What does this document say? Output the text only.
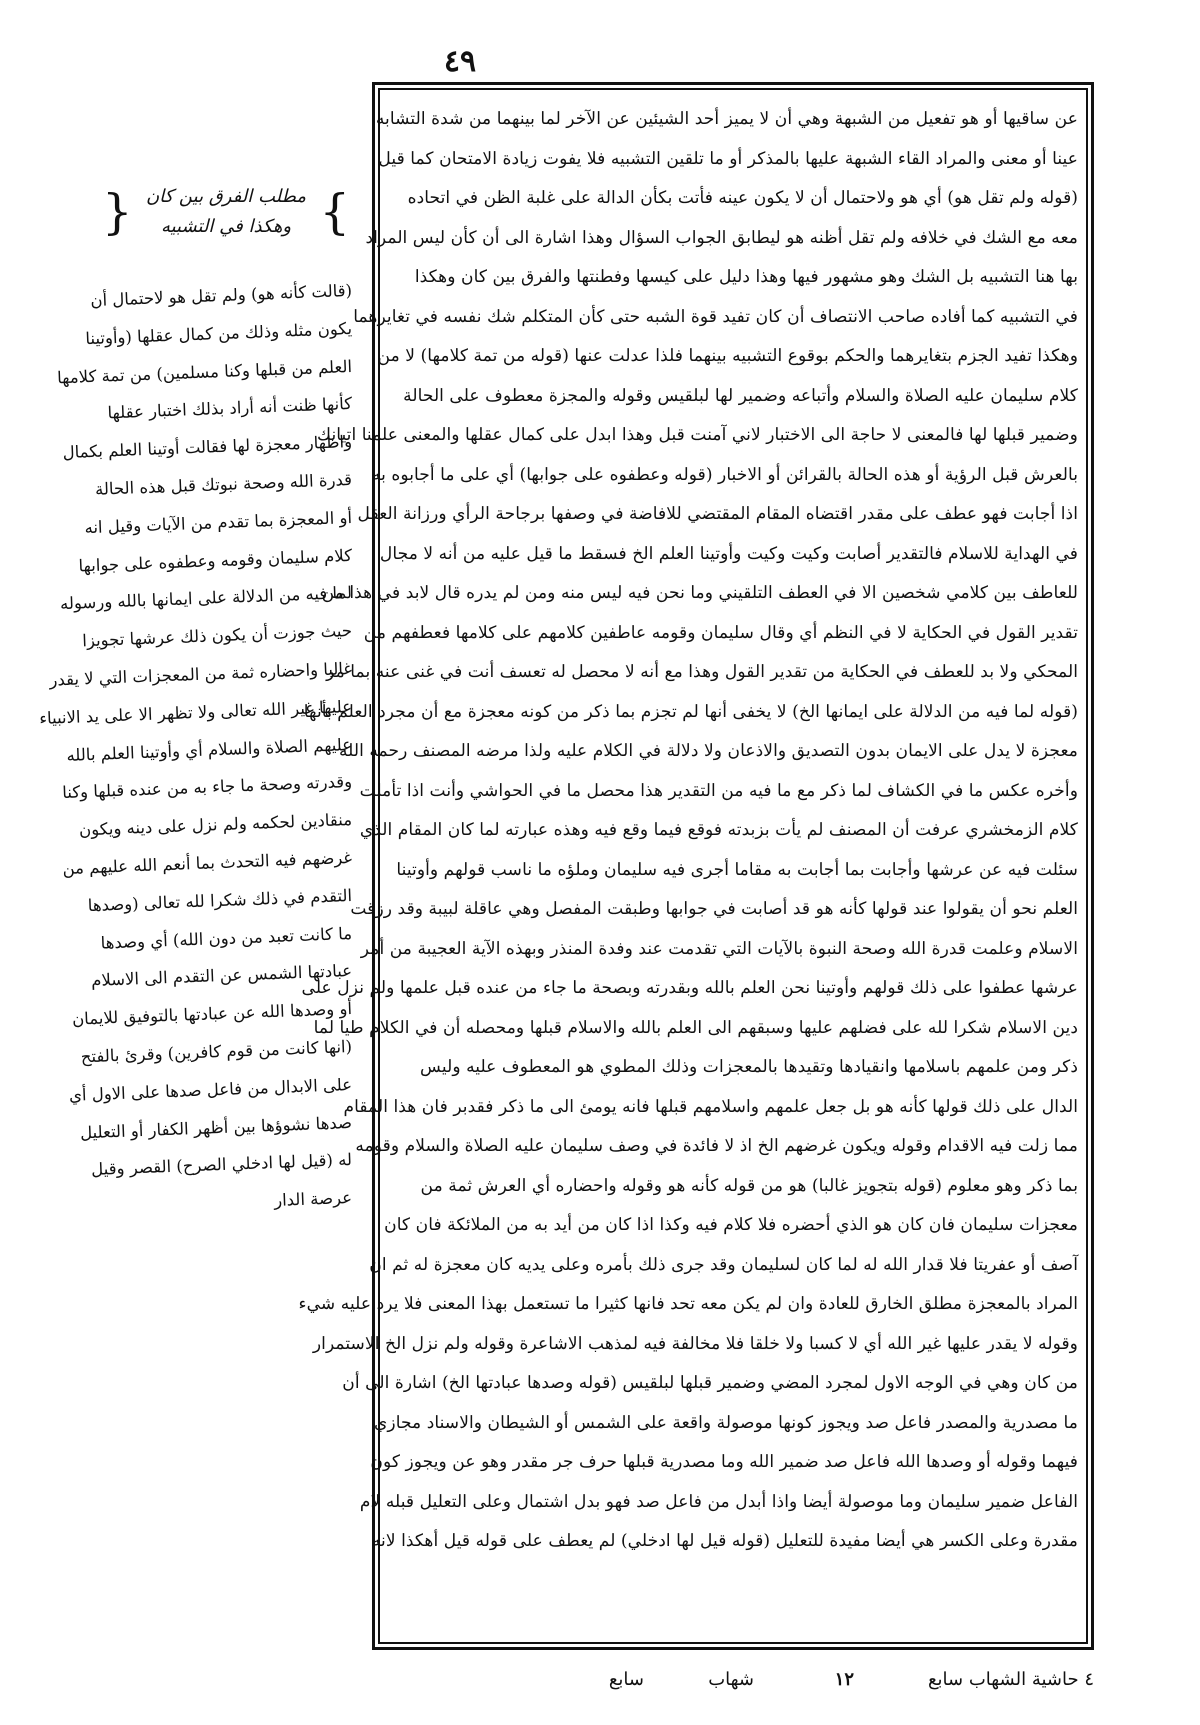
٤٩
عن ساقيها أو هو تفعيل من الشبهة وهي أن لا يميز أحد الشيئين عن الآخر لما بينهما من شدة التشابه
عينا أو معنى والمراد القاء الشبهة عليها بالمذكر أو ما تلقين التشبيه فلا يفوت زيادة الامتحان كما قيل
(قوله ولم تقل هو) أي هو ولاحتمال أن لا يكون عينه فأتت بكأن الدالة على غلبة الظن في اتحاده
معه مع الشك في خلافه ولم تقل أظنه هو ليطابق الجواب السؤال وهذا اشارة الى أن كأن ليس المراد
بها هنا التشبيه بل الشك وهو مشهور فيها وهذا دليل على كيسها وفطنتها والفرق بين كان وهكذا
في التشبيه كما أفاده صاحب الانتصاف أن كان تفيد قوة الشبه حتى كأن المتكلم شك نفسه في تغايرهما
وهكذا تفيد الجزم بتغايرهما والحكم بوقوع التشبيه بينهما فلذا عدلت عنها (قوله من تمة كلامها) لا من
كلام سليمان عليه الصلاة والسلام وأتباعه وضمير لها لبلقيس وقوله والمجزة معطوف على الحالة
وضمير قبلها لها فالمعنى لا حاجة الى الاختبار لاني آمنت قبل وهذا ابدل على كمال عقلها والمعنى علمنا اتيانك
بالعرش قبل الرؤية أو هذه الحالة بالقرائن أو الاخبار (قوله وعطفوه على جوابها) أي على ما أجابوه به
اذا أجابت فهو عطف على مقدر اقتضاه المقام المقتضي للافاضة في وصفها برجاحة الرأي ورزانة العقل
في الهداية للاسلام فالتقدير أصابت وكيت وكيت وأوتينا العلم الخ فسقط ما قيل عليه من أنه لا مجال
للعاطف بين كلامي شخصين الا في العطف التلقيني وما نحن فيه ليس منه ومن لم يدره قال لابد في هذا من
تقدير القول في الحكاية لا في النظم أي وقال سليمان وقومه عاطفين كلامهم على كلامها فعطفهم من
المحكي ولا بد للعطف في الحكاية من تقدير القول وهذا مع أنه لا محصل له تعسف أنت في غنى عنه بما مر
(قوله لما فيه من الدلالة على ايمانها الخ) لا يخفى أنها لم تجزم بما ذكر من كونه معجزة مع أن مجرد العلم بأنها
معجزة لا يدل على الايمان بدون التصديق والاذعان ولا دلالة في الكلام عليه ولذا مرضه المصنف رحمه الله
وأخره عكس ما في الكشاف لما ذكر مع ما فيه من التقدير هذا محصل ما في الحواشي وأنت اذا تأملت
كلام الزمخشري عرفت أن المصنف لم يأت بزبدته فوقع فيما وقع فيه وهذه عبارته لما كان المقام الذي
سئلت فيه عن عرشها وأجابت بما أجابت به مقاما أجرى فيه سليمان وملؤه ما ناسب قولهم وأوتينا
العلم نحو أن يقولوا عند قولها كأنه هو قد أصابت في جوابها وطبقت المفصل وهي عاقلة لبيبة وقد رزقت
الاسلام وعلمت قدرة الله وصحة النبوة بالآيات التي تقدمت عند وفدة المنذر وبهذه الآية العجيبة من أمر
عرشها عطفوا على ذلك قولهم وأوتينا نحن العلم بالله وبقدرته وبصحة ما جاء من عنده قبل علمها ولم نزل على
دين الاسلام شكرا لله على فضلهم عليها وسبقهم الى العلم بالله والاسلام قبلها ومحصله أن في الكلام طيا لما
ذكر ومن علمهم باسلامها وانقيادها وتقيدها بالمعجزات وذلك المطوي هو المعطوف عليه وليس
الدال على ذلك قولها كأنه هو بل جعل علمهم واسلامهم قبلها فانه يومئ الى ما ذكر فقدبر فان هذا المقام
مما زلت فيه الاقدام وقوله ويكون غرضهم الخ اذ لا فائدة في وصف سليمان عليه الصلاة والسلام وقومه
بما ذكر وهو معلوم (قوله بتجويز غالبا) هو من قوله كأنه هو وقوله واحضاره أي العرش ثمة من
معجزات سليمان فان كان هو الذي أحضره فلا كلام فيه وكذا اذا كان من أيد به من الملائكة فان كان
آصف أو عفريتا فلا قدار الله له لما كان لسليمان وقد جرى ذلك بأمره وعلى يديه كان معجزة له ثم ان
المراد بالمعجزة مطلق الخارق للعادة وان لم يكن معه تحد فانها كثيرا ما تستعمل بهذا المعنى فلا يرد عليه شيء
وقوله لا يقدر عليها غير الله أي لا كسبا ولا خلقا فلا مخالفة فيه لمذهب الاشاعرة وقوله ولم نزل الخ الاستمرار
من كان وهي في الوجه الاول لمجرد المضي وضمير قبلها لبلقيس (قوله وصدها عبادتها الخ) اشارة الى أن
ما مصدرية والمصدر فاعل صد ويجوز كونها موصولة واقعة على الشمس أو الشيطان والاسناد مجازي
فيهما وقوله أو وصدها الله فاعل صد ضمير الله وما مصدرية قبلها حرف جر مقدر وهو عن ويجوز كون
الفاعل ضمير سليمان وما موصولة أيضا واذا أبدل من فاعل صد فهو بدل اشتمال وعلى التعليل قبله لام
مقدرة وعلى الكسر هي أيضا مفيدة للتعليل (قوله قيل لها ادخلي) لم يعطف على قوله قيل أهكذا لانه
}
مطلب الفرق بين كان
وهكذا في التشبيه
{
(قالت كأنه هو) ولم تقل هو لاحتمال أن
يكون مثله وذلك من كمال عقلها (وأوتينا
العلم من قبلها وكنا مسلمين) من تمة كلامها
كأنها ظنت أنه أراد بذلك اختبار عقلها
واظهار معجزة لها فقالت أوتينا العلم بكمال
قدرة الله وصحة نبوتك قبل هذه الحالة
أو المعجزة بما تقدم من الآيات وقيل انه
كلام سليمان وقومه وعطفوه على جوابها
لما فيه من الدلالة على ايمانها بالله ورسوله
حيث جوزت أن يكون ذلك عرشها تجويزا
غالبا واحضاره ثمة من المعجزات التي لا يقدر
عليها غير الله تعالى ولا تظهر الا على يد الانبياء
عليهم الصلاة والسلام أي وأوتينا العلم بالله
وقدرته وصحة ما جاء به من عنده قبلها وكنا
منقادين لحكمه ولم نزل على دينه ويكون
غرضهم فيه التحدث بما أنعم الله عليهم من
التقدم في ذلك شكرا لله تعالى (وصدها
ما كانت تعبد من دون الله) أي وصدها
عبادتها الشمس عن التقدم الى الاسلام
أو وصدها الله عن عبادتها بالتوفيق للايمان
(انها كانت من قوم كافرين) وقرئ بالفتح
على الابدال من فاعل صدها على الاول أي
صدها نشوؤها بين أظهر الكفار أو التعليل
له (قيل لها ادخلي الصرح) القصر وقيل
عرصة الدار
٤ حاشية الشهاب سابع
١٢
شهاب
سابع
